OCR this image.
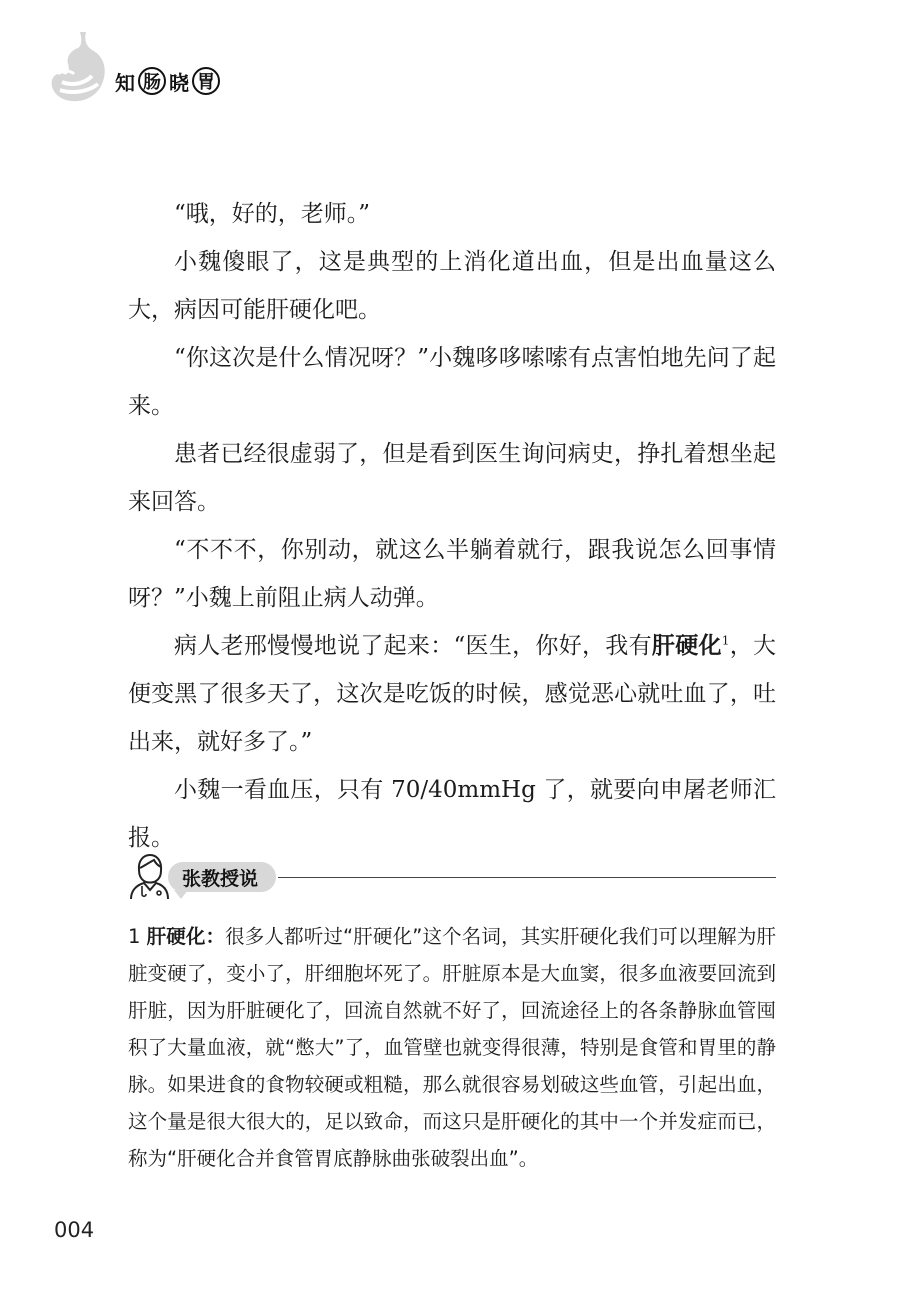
知 肠 晓 胃

“哦，好的，老师。”

小魏傻眼了，这是典型的上消化道出血，但是出血量这么大，病因可能肝硬化吧。

“你这次是什么情况呀？”小魏哆哆嗦嗦有点害怕地先问了起来。

患者已经很虚弱了，但是看到医生询问病史，挣扎着想坐起来回答。

“不不不，你别动，就这么半躺着就行，跟我说怎么回事情呀？”小魏上前阻止病人动弹。

病人老邢慢慢地说了起来：“医生，你好，我有肝硬化$^1$，大便变黑了很多天了，这次是吃饭的时候，感觉恶心就吐血了，吐出来，就好多了。”

小魏一看血压，只有 70/40mmHg 了，就要向申屠老师汇报。

张教授说
1 肝硬化：很多人都听过“肝硬化”这个名词，其实肝硬化我们可以理解为肝脏变硬了，变小了，肝细胞坏死了。肝脏原本是大血窦，很多血液要回流到肝脏，因为肝脏硬化了，回流自然就不好了，回流途径上的各条静脉血管囤积了大量血液，就“憋大”了，血管壁也就变得很薄，特别是食管和胃里的静脉。如果进食的食物较硬或粗糙，那么就很容易划破这些血管，引起出血，这个量是很大很大的，足以致命，而这只是肝硬化的其中一个并发症而已，称为“肝硬化合并食管胃底静脉曲张破裂出血”。
004
